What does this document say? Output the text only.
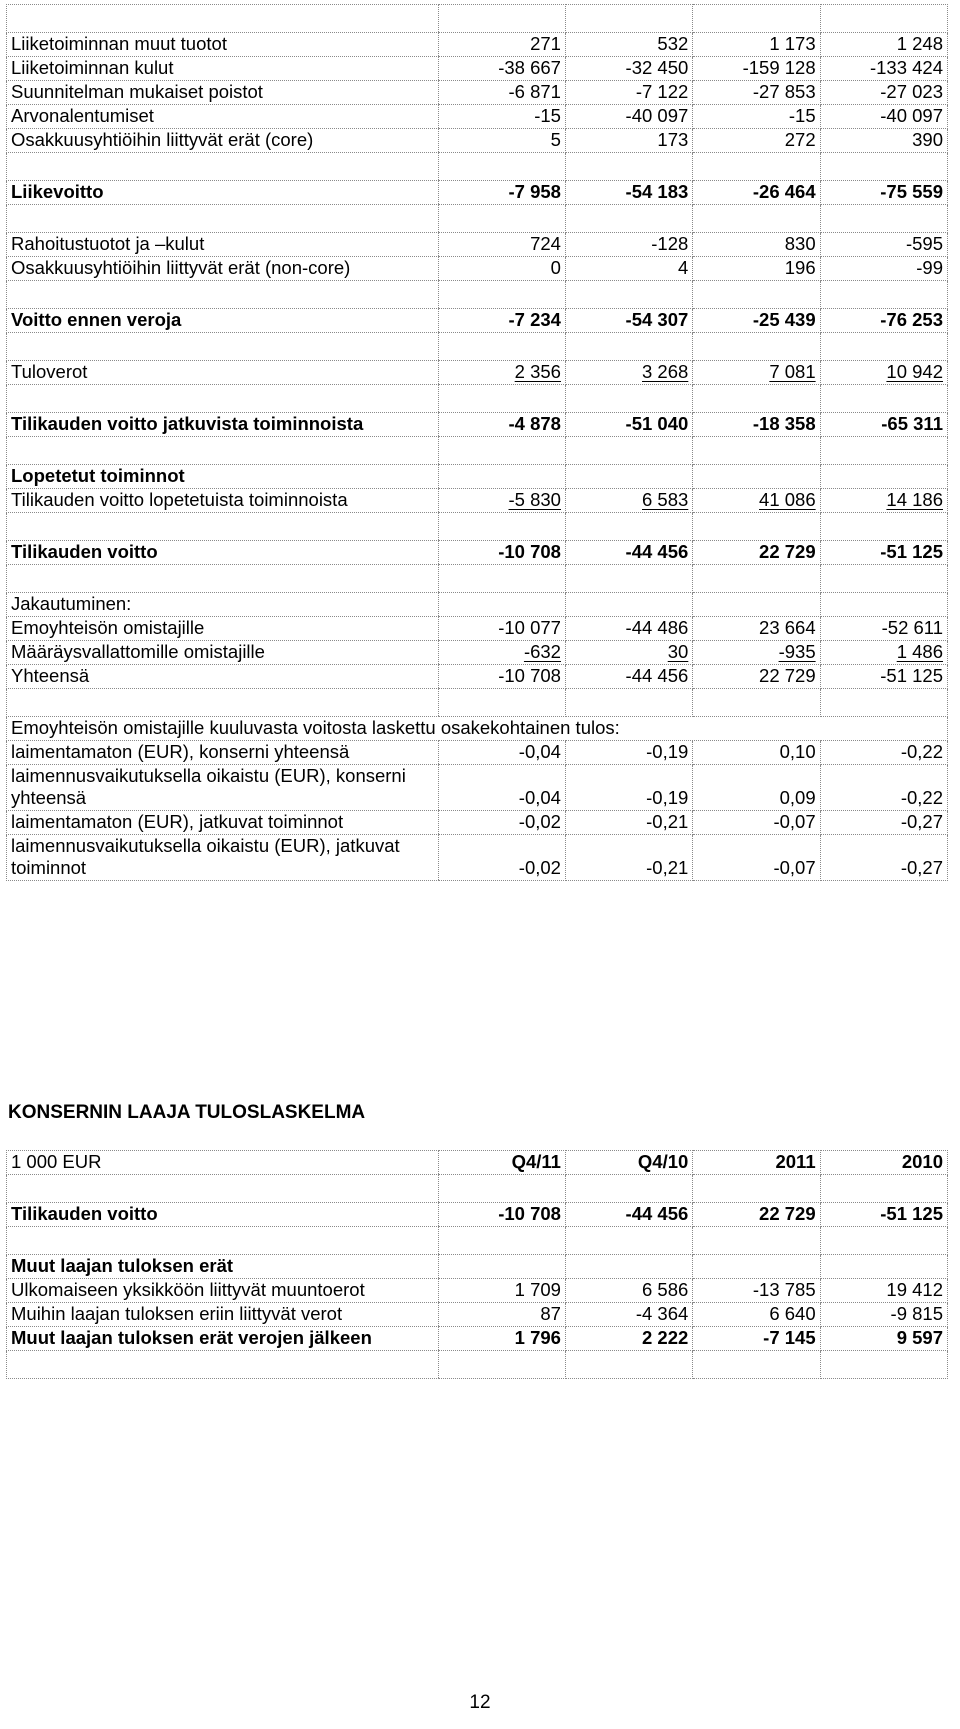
Liiketoiminnan muut tuotot	271	532	1 173	1 248
Liiketoiminnan kulut	-38 667	-32 450	-159 128	-133 424
Suunnitelman mukaiset poistot	-6 871	-7 122	-27 853	-27 023
Arvonalentumiset	-15	-40 097	-15	-40 097
Osakkuusyhtiöihin liittyvät erät (core)	5	173	272	390

Liikevoitto	-7 958	-54 183	-26 464	-75 559

Rahoitustuotot ja –kulut	724	-128	830	-595
Osakkuusyhtiöihin liittyvät erät (non-core)	0	4	196	-99

Voitto ennen veroja	-7 234	-54 307	-25 439	-76 253

Tuloverot	2 356	3 268	7 081	10 942

Tilikauden voitto jatkuvista toiminnoista	-4 878	-51 040	-18 358	-65 311

Lopetetut toiminnot				
Tilikauden voitto lopetetuista toiminnoista	-5 830	6 583	41 086	14 186

Tilikauden voitto	-10 708	-44 456	22 729	-51 125

Jakautuminen:				
Emoyhteisön omistajille	-10 077	-44 486	23 664	-52 611
Määräysvallattomille omistajille	-632	30	-935	1 486
Yhteensä	-10 708	-44 456	22 729	-51 125

Emoyhteisön omistajille kuuluvasta voitosta laskettu osakekohtainen tulos:				
laimentamaton (EUR), konserni yhteensä	-0,04	-0,19	0,10	-0,22
laimennusvaikutuksella oikaistu (EUR), konserni yhteensä	-0,04	-0,19	0,09	-0,22
laimentamaton (EUR), jatkuvat toiminnot	-0,02	-0,21	-0,07	-0,27
laimennusvaikutuksella oikaistu (EUR), jatkuvat toiminnot	-0,02	-0,21	-0,07	-0,27
KONSERNIN LAAJA TULOSLASKELMA
1 000 EUR	Q4/11	Q4/10	2011	2010

Tilikauden voitto	-10 708	-44 456	22 729	-51 125

Muut laajan tuloksen erät				
Ulkomaiseen yksikköön liittyvät muuntoerot	1 709	6 586	-13 785	19 412
Muihin laajan tuloksen eriin liittyvät verot	87	-4 364	6 640	-9 815
Muut laajan tuloksen erät verojen jälkeen	1 796	2 222	-7 145	9 597

12
